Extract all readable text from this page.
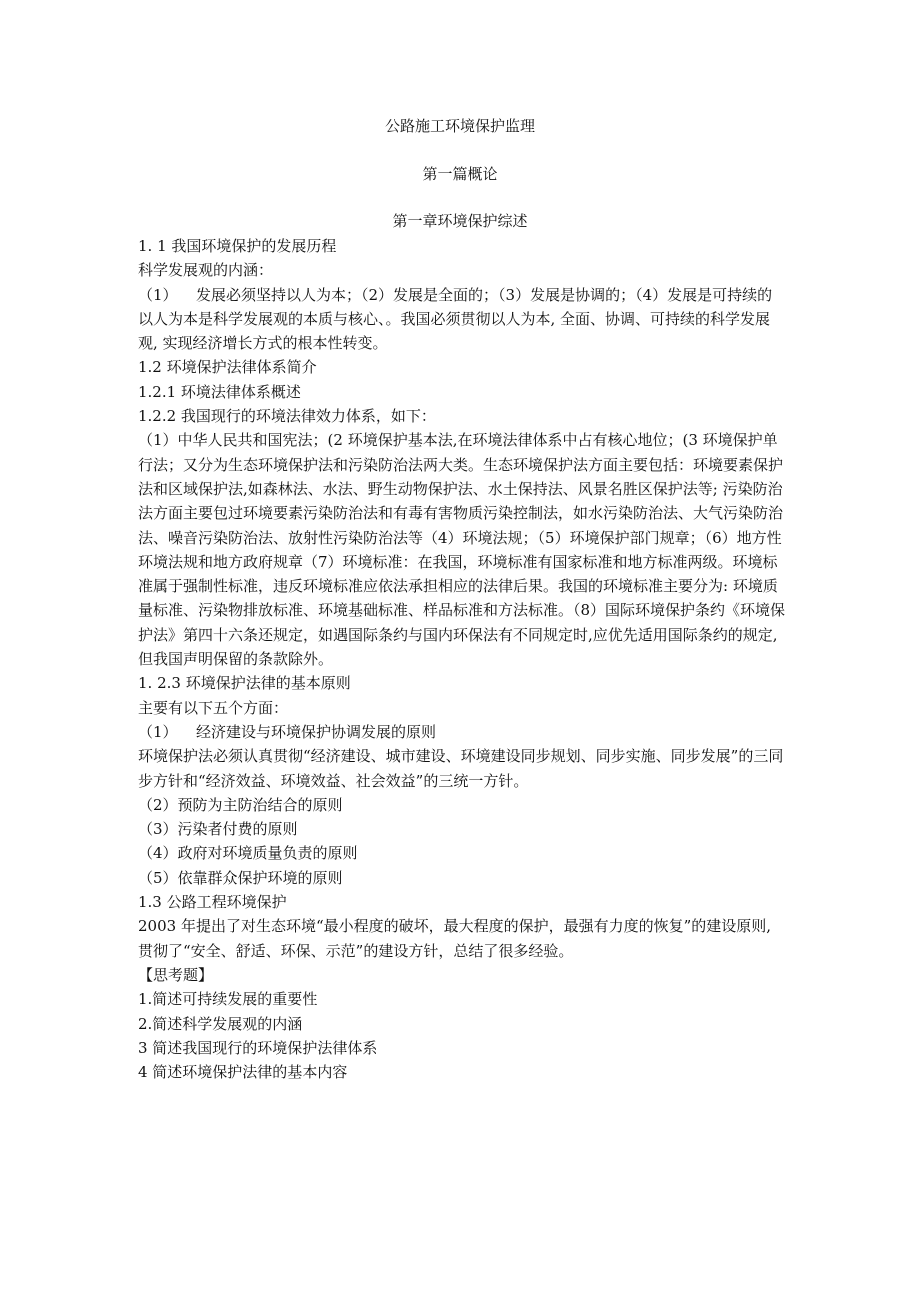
公路施工环境保护监理
第一篇概论
第一章环境保护综述

1. 1 我国环境保护的发展历程

科学发展观的内涵：

（1）	发展必须坚持以人为本；（2）发展是全面的；（3）发展是协调的；（4）发展是可持续的

以人为本是科学发展观的本质与核心、。我国必须贯彻以人为本, 全面、协调、可持续的科学发展观, 实现经济增长方式的根本性转变。

1.2 环境保护法律体系简介

1.2.1 环境法律体系概述

1.2.2 我国现行的环境法律效力体系，如下：

（1）中华人民共和国宪法；(2 环境保护基本法,在环境法律体系中占有核心地位；(3 环境保护单行法；又分为生态环境保护法和污染防治法两大类。生态环境保护法方面主要包括：环境要素保护法和区域保护法,如森林法、水法、野生动物保护法、水土保持法、风景名胜区保护法等; 污染防治法方面主要包过环境要素污染防治法和有毒有害物质污染控制法，如水污染防治法、大气污染防治法、噪音污染防治法、放射性污染防治法等（4）环境法规；（5）环境保护部门规章；（6）地方性环境法规和地方政府规章（7）环境标准：在我国，环境标准有国家标准和地方标准两级。环境标准属于强制性标准，违反环境标准应依法承担相应的法律后果。我国的环境标准主要分为: 环境质量标准、污染物排放标准、环境基础标准、样品标准和方法标准。（8）国际环境保护条约《环境保护法》第四十六条还规定，如遇国际条约与国内环保法有不同规定时,应优先适用国际条约的规定,但我国声明保留的条款除外。

1. 2.3 环境保护法律的基本原则

主要有以下五个方面：

（1）	经济建设与环境保护协调发展的原则

环境保护法必须认真贯彻“经济建设、城市建设、环境建设同步规划、同步实施、同步发展”的三同步方针和“经济效益、环境效益、社会效益”的三统一方针。

（2）预防为主防治结合的原则

（3）污染者付费的原则

（4）政府对环境质量负责的原则

（5）依靠群众保护环境的原则

1.3 公路工程环境保护

2003 年提出了对生态环境“最小程度的破坏，最大程度的保护，最强有力度的恢复”的建设原则,贯彻了“安全、舒适、环保、示范”的建设方针，总结了很多经验。

【思考题】

1.简述可持续发展的重要性

2.简述科学发展观的内涵

3 简述我国现行的环境保护法律体系

4 简述环境保护法律的基本内容
